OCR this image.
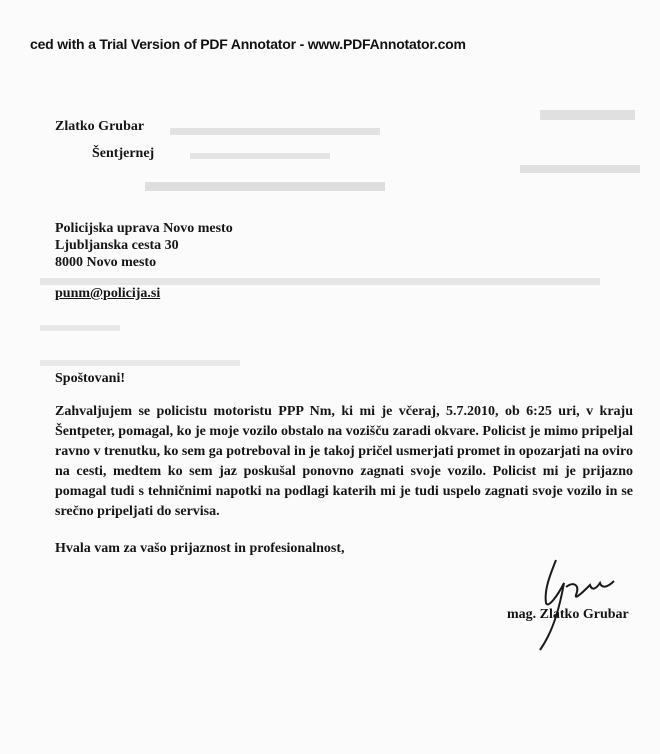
ced with a Trial Version of PDF Annotator - www.PDFAnnotator.com

Zlatko Grubar

Šentjernej

Policijska uprava Novo mesto

Ljubljanska cesta 30

8000 Novo mesto

punm@policija.si
Spoštovani!
Zahvaljujem se policistu motoristu PPP Nm, ki mi je včeraj, 5.7.2010, ob 6:25 uri, v kraju Šentpeter, pomagal, ko je moje vozilo obstalo na vozišču zaradi okvare. Policist je mimo pripeljal ravno v trenutku, ko sem ga potreboval in je takoj pričel usmerjati promet in opozarjati na oviro na cesti, medtem ko sem jaz poskušal ponovno zagnati svoje vozilo. Policist mi je prijazno pomagal tudi s tehničnimi napotki na podlagi katerih mi je tudi uspelo zagnati svoje vozilo in se srečno pripeljati do servisa.
Hvala vam za vašo prijaznost in profesionalnost,
mag. Zlatko Grubar
